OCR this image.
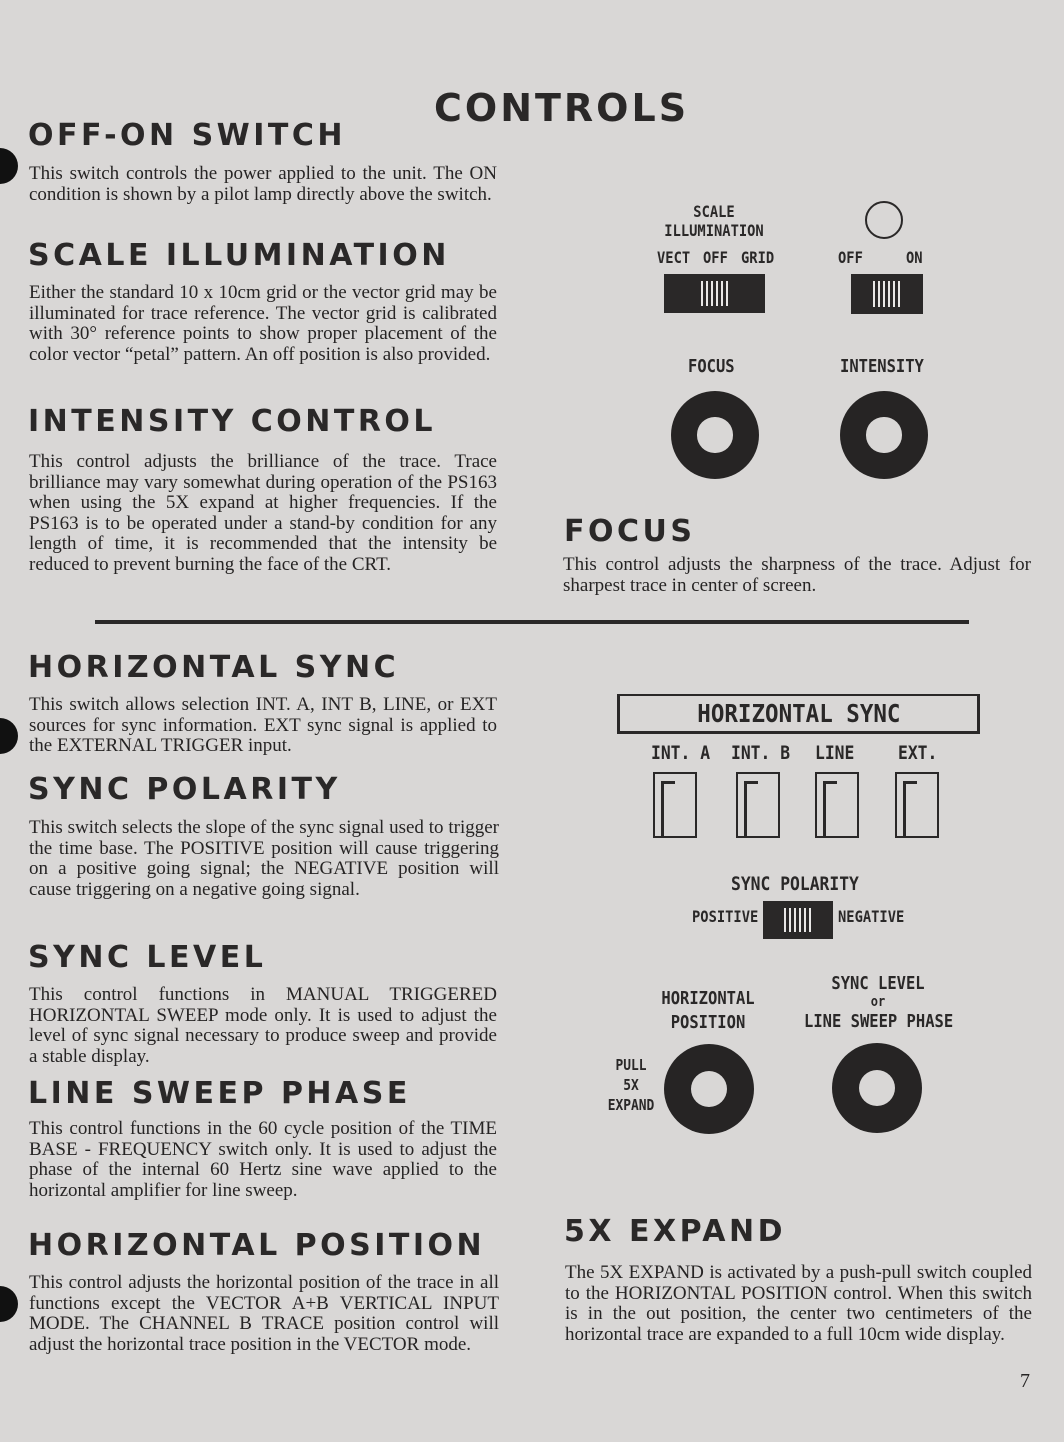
CONTROLS
OFF-ON SWITCH

This switch controls the power applied to the unit. The ON condition is shown by a pilot lamp directly above the switch.

SCALE ILLUMINATION

Either the standard 10 x 10cm grid or the vector grid may be illuminated for trace reference. The vector grid is calibrated with 30° reference points to show proper placement of the color vector “petal” pattern. An off position is also provided.

INTENSITY CONTROL

This control adjusts the brilliance of the trace. Trace brilliance may vary somewhat during operation of the PS163 when using the 5X expand at higher frequencies. If the PS163 is to be operated under a stand-by condition for any length of time, it is recommended that the intensity be reduced to prevent burning the face of the CRT.

SCALE
ILLUMINATION
VECT OFF GRID	OFF	ON
FOCUS	INTENSITY
FOCUS

This control adjusts the sharpness of the trace. Adjust for sharpest trace in center of screen.

HORIZONTAL SYNC

This switch allows selection INT. A, INT B, LINE, or EXT sources for sync information. EXT sync signal is applied to the EXTERNAL TRIGGER input.

SYNC POLARITY

This switch selects the slope of the sync signal used to trigger the time base. The POSITIVE position will cause triggering on a positive going signal; the NEGATIVE position will cause triggering on a negative going signal.

SYNC LEVEL

This control functions in MANUAL TRIGGERED HORIZONTAL SWEEP mode only. It is used to adjust the level of sync signal necessary to produce sweep and provide a stable display.

LINE SWEEP PHASE

This control functions in the 60 cycle position of the TIME BASE - FREQUENCY switch only. It is used to adjust the phase of the internal 60 Hertz sine wave applied to the horizontal amplifier for line sweep.

HORIZONTAL POSITION

This control adjusts the horizontal position of the trace in all functions except the VECTOR A+B VERTICAL INPUT MODE. The CHANNEL B TRACE position control will adjust the horizontal trace position in the VECTOR mode.

HORIZONTAL SYNC
INT. A INT. B LINE EXT.
SYNC POLARITY
POSITIVE	NEGATIVE
HORIZONTAL
POSITION
SYNC LEVEL
or
LINE SWEEP PHASE
PULL
5X
EXPAND
5X EXPAND

The 5X EXPAND is activated by a push-pull switch coupled to the HORIZONTAL POSITION control. When this switch is in the out position, the center two centimeters of the horizontal trace are expanded to a full 10cm wide display.

7
